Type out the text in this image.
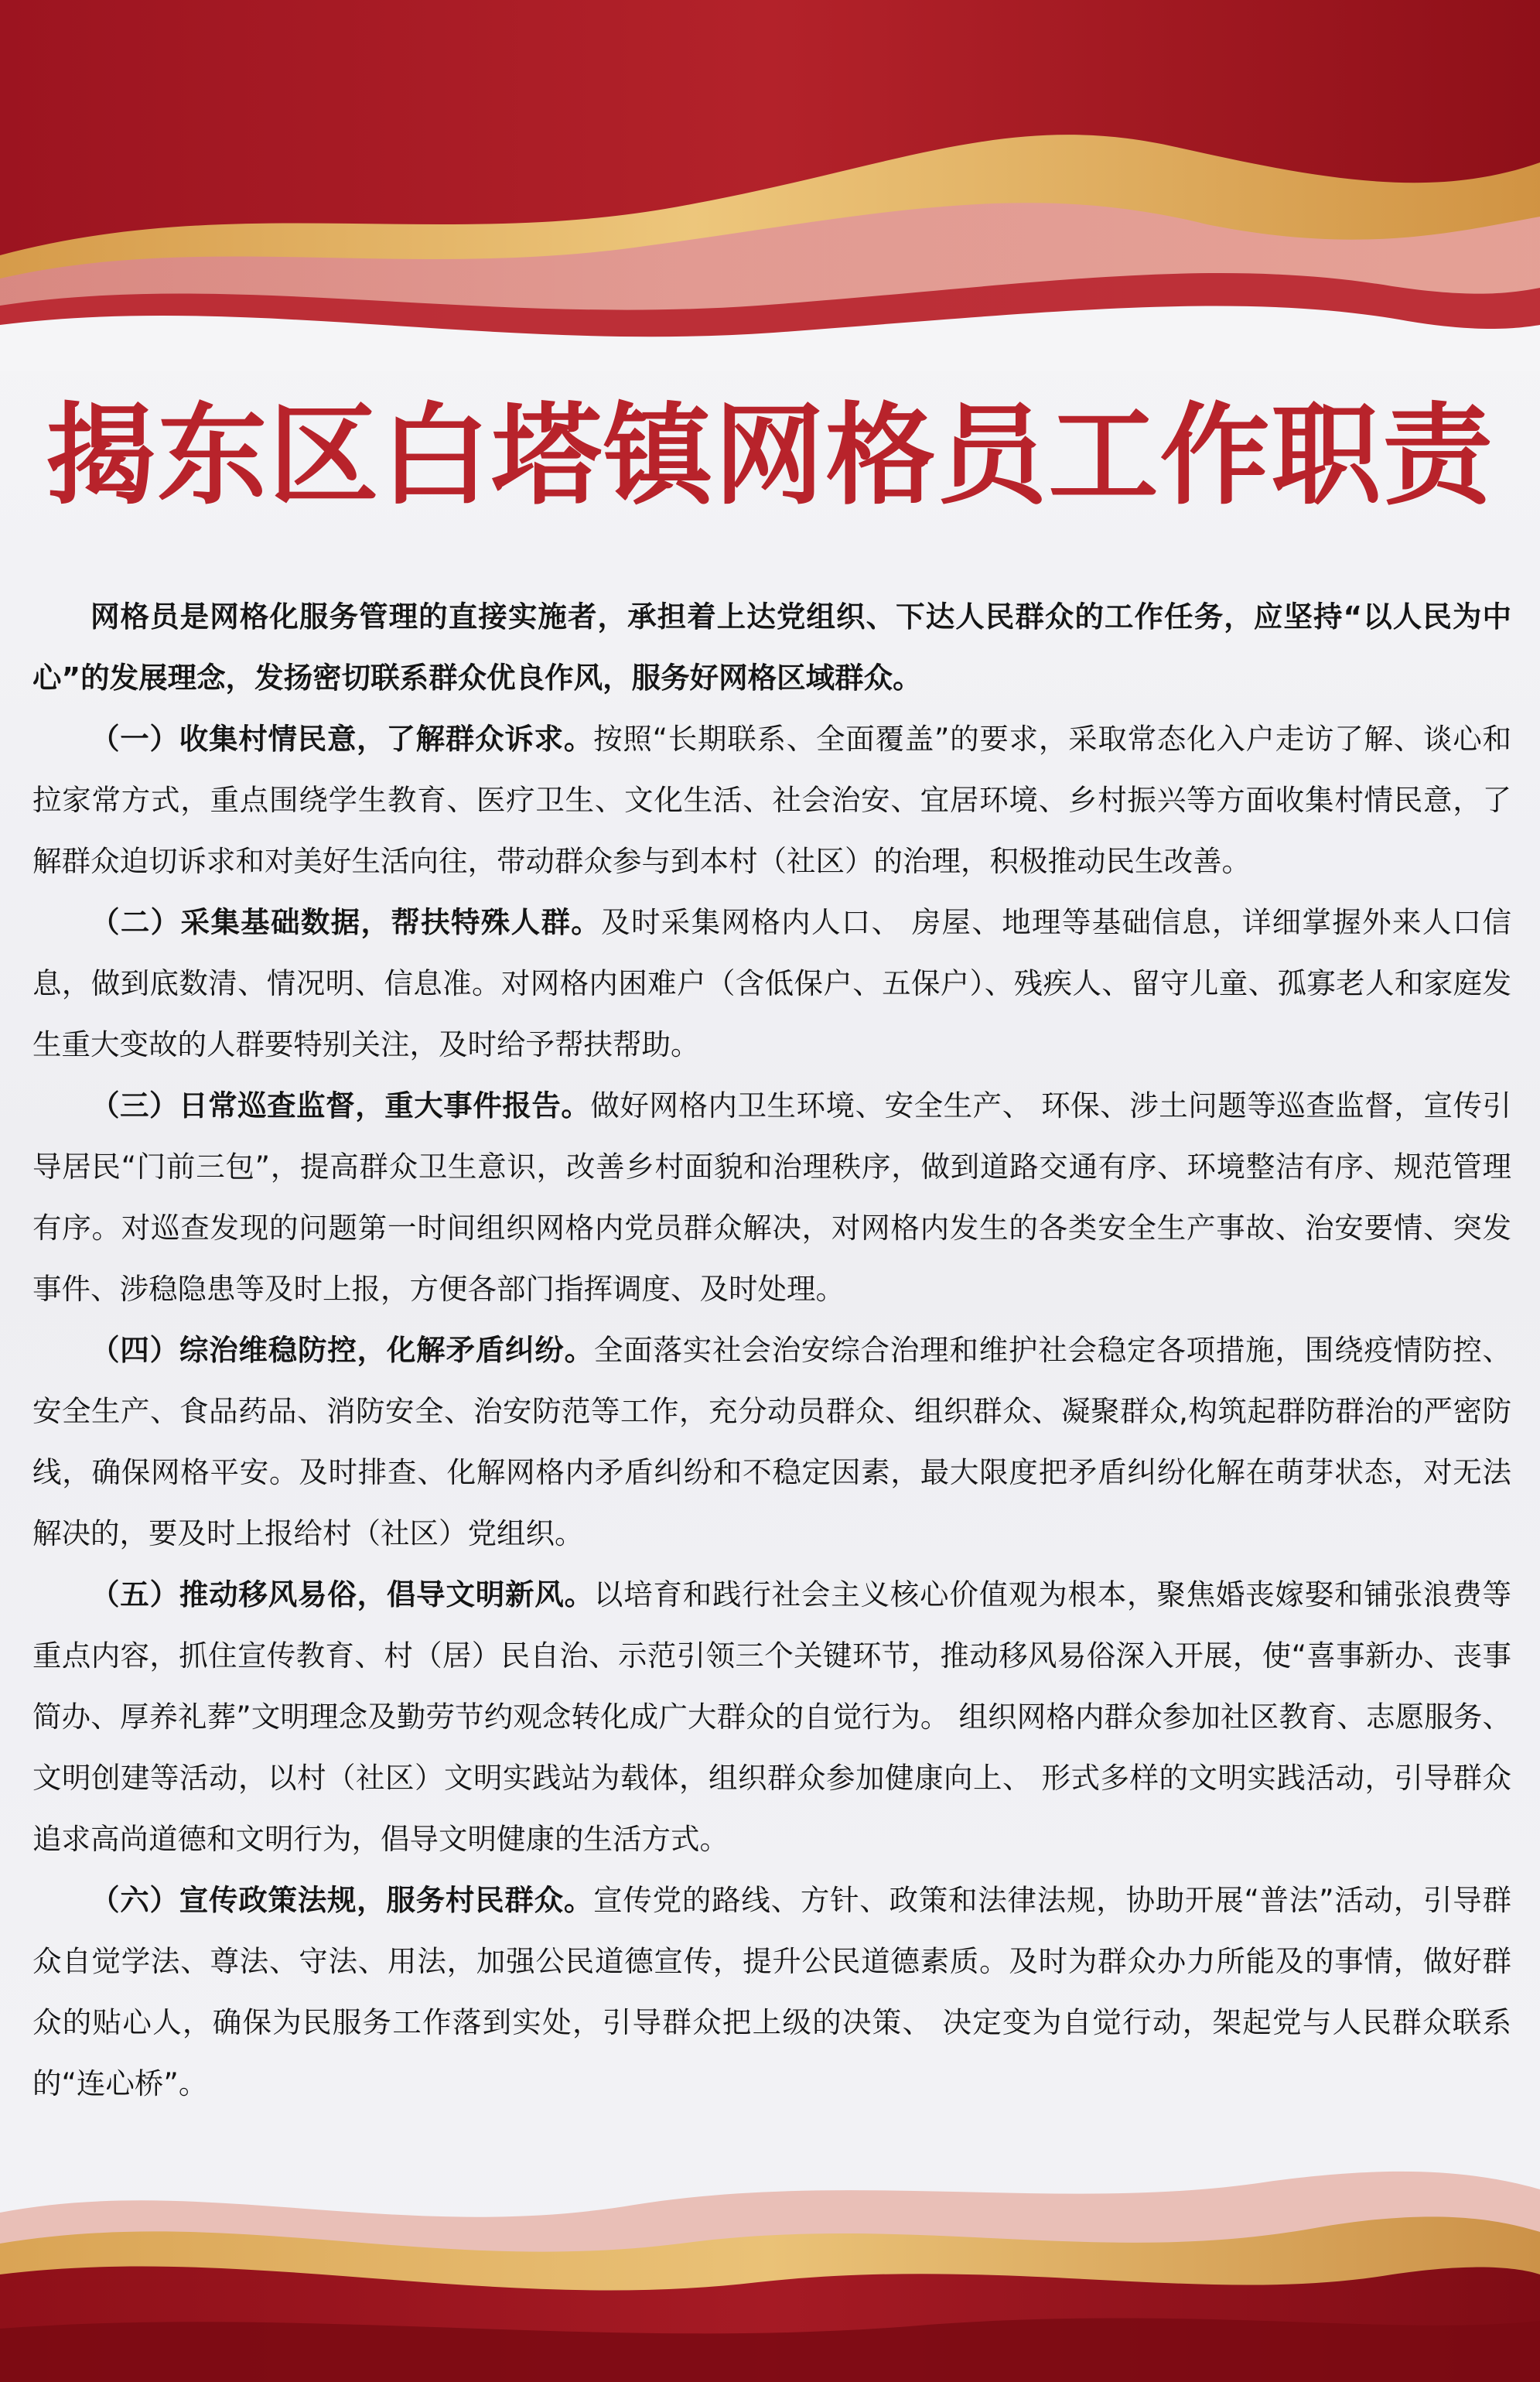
揭东区白塔镇网格员工作职责

网格员是网格化服务管理的直接实施者，承担着上达党组织、下达人民群众的工作任务，应坚持“以人民为中心”的发展理念，发扬密切联系群众优良作风，服务好网格区域群众。

（一）收集村情民意，了解群众诉求。按照“长期联系、全面覆盖”的要求，采取常态化入户走访了解、谈心和拉家常方式，重点围绕学生教育、医疗卫生、文化生活、社会治安、宜居环境、乡村振兴等方面收集村情民意，了解群众迫切诉求和对美好生活向往，带动群众参与到本村（社区）的治理，积极推动民生改善。

（二）采集基础数据，帮扶特殊人群。及时采集网格内人口、 房屋、地理等基础信息，详细掌握外来人口信息，做到底数清、情况明、信息准。对网格内困难户（含低保户、五保户）、残疾人、留守儿童、孤寡老人和家庭发生重大变故的人群要特别关注，及时给予帮扶帮助。

（三）日常巡查监督，重大事件报告。做好网格内卫生环境、安全生产、 环保、涉土问题等巡查监督，宣传引导居民“门前三包”，提高群众卫生意识，改善乡村面貌和治理秩序，做到道路交通有序、环境整洁有序、规范管理有序。对巡查发现的问题第一时间组织网格内党员群众解决，对网格内发生的各类安全生产事故、治安要情、突发事件、涉稳隐患等及时上报，方便各部门指挥调度、及时处理。

（四）综治维稳防控，化解矛盾纠纷。全面落实社会治安综合治理和维护社会稳定各项措施，围绕疫情防控、安全生产、食品药品、消防安全、治安防范等工作，充分动员群众、组织群众、凝聚群众,构筑起群防群治的严密防线，确保网格平安。及时排查、化解网格内矛盾纠纷和不稳定因素，最大限度把矛盾纠纷化解在萌芽状态，对无法解决的，要及时上报给村（社区）党组织。

（五）推动移风易俗，倡导文明新风。以培育和践行社会主义核心价值观为根本，聚焦婚丧嫁娶和铺张浪费等重点内容，抓住宣传教育、村（居）民自治、示范引领三个关键环节，推动移风易俗深入开展，使“喜事新办、丧事简办、厚养礼葬”文明理念及勤劳节约观念转化成广大群众的自觉行为。 组织网格内群众参加社区教育、志愿服务、文明创建等活动，以村（社区）文明实践站为载体，组织群众参加健康向上、 形式多样的文明实践活动，引导群众追求高尚道德和文明行为，倡导文明健康的生活方式。

（六）宣传政策法规，服务村民群众。宣传党的路线、方针、政策和法律法规，协助开展“普法”活动，引导群众自觉学法、尊法、守法、用法，加强公民道德宣传，提升公民道德素质。及时为群众办力所能及的事情，做好群众的贴心人，确保为民服务工作落到实处，引导群众把上级的决策、 决定变为自觉行动，架起党与人民群众联系的“连心桥”。
